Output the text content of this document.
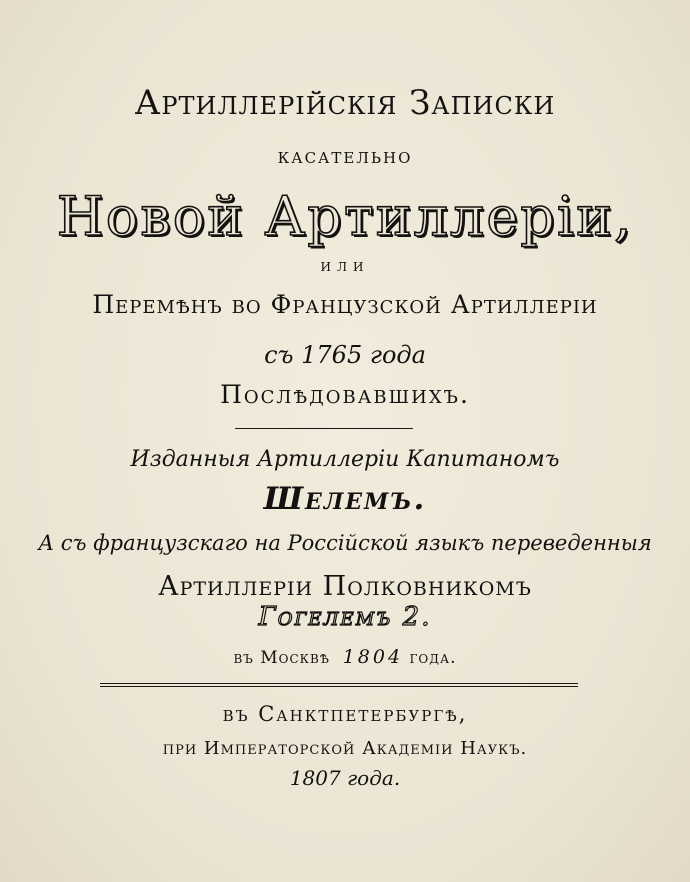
Артиллерійскія Записки
касательно
Новой Артиллеріи,
или
Перемѣнъ во Французской Артиллеріи
съ 1765 года
Послѣдовавшихъ.
Изданныя Артиллеріи Капитаномъ
Шелемъ.
А съ французскаго на Россійской языкъ переведенныя
Артиллеріи Полковникомъ
Гогелемъ 2.
въ Москвѣ 1804 года.
въ Санктпетербургѣ,
при Императорской Академіи Наукъ.
1807 года.
